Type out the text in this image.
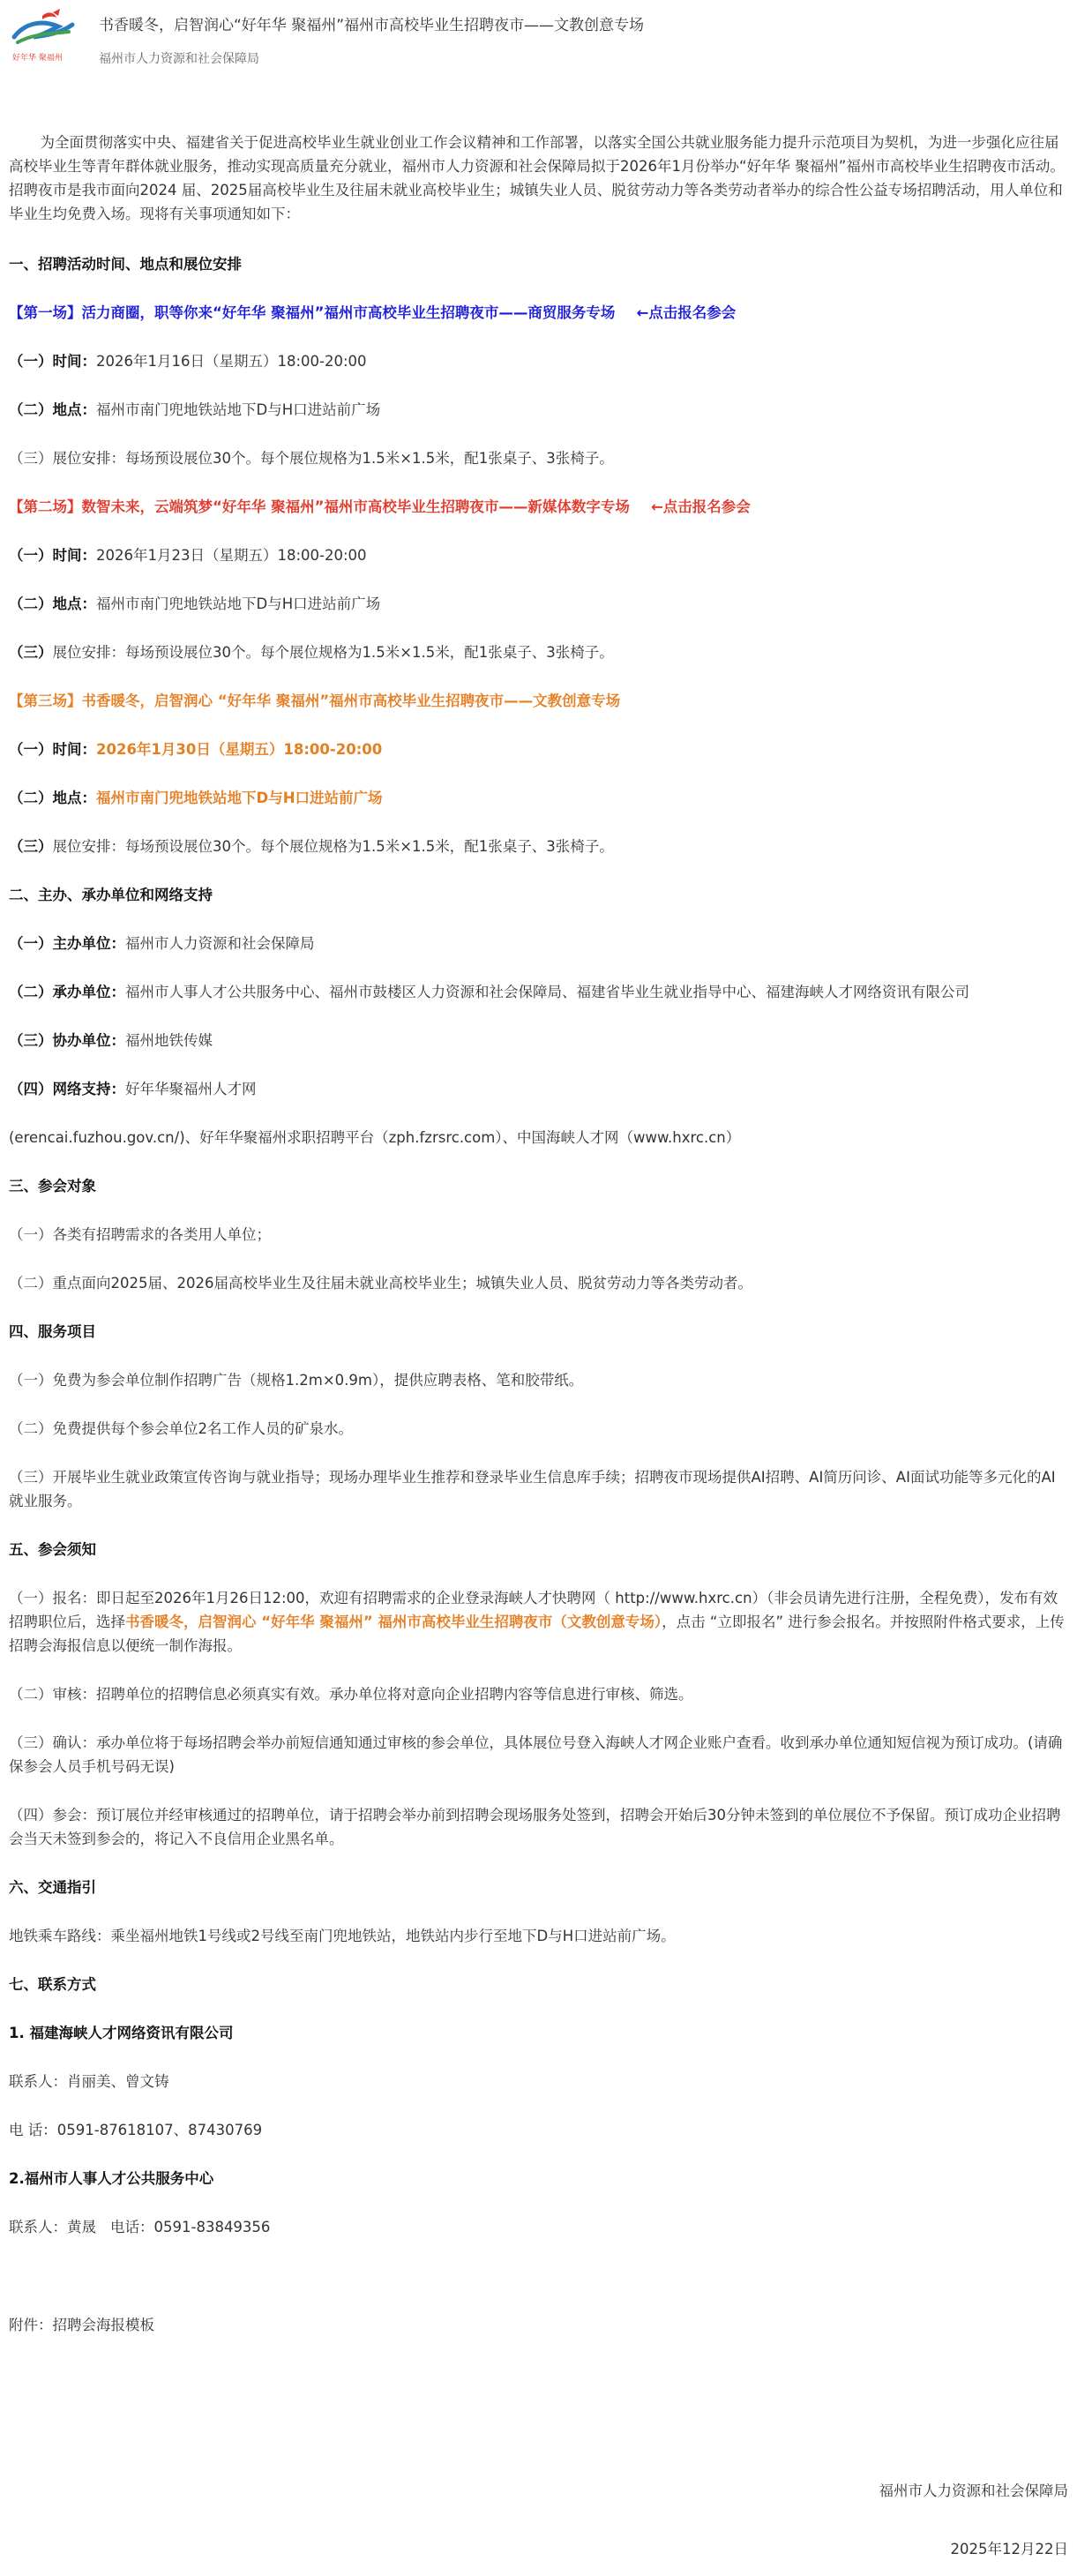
好年华 聚福州
书香暖冬，启智润心“好年华 聚福州”福州市高校毕业生招聘夜市——文教创意专场
福州市人力资源和社会保障局

为全面贯彻落实中央、福建省关于促进高校毕业生就业创业工作会议精神和工作部署，以落实全国公共就业服务能力提升示范项目为契机，为进一步强化应往届高校毕业生等青年群体就业服务，推动实现高质量充分就业，福州市人力资源和社会保障局拟于2026年1月份举办“好年华 聚福州”福州市高校毕业生招聘夜市活动。招聘夜市是我市面向2024 届、2025届高校毕业生及往届未就业高校毕业生；城镇失业人员、脱贫劳动力等各类劳动者举办的综合性公益专场招聘活动，用人单位和毕业生均免费入场。现将有关事项通知如下：

一、招聘活动时间、地点和展位安排
【第一场】活力商圈，职等你来“好年华 聚福州”福州市高校毕业生招聘夜市——商贸服务专场 ←点击报名参会
（一）时间：2026年1月16日（星期五）18:00-20:00
（二）地点：福州市南门兜地铁站地下D与H口进站前广场
（三）展位安排：每场预设展位30个。每个展位规格为1.5米×1.5米，配1张桌子、3张椅子。
【第二场】数智未来，云端筑梦“好年华 聚福州”福州市高校毕业生招聘夜市——新媒体数字专场 ←点击报名参会
（一）时间：2026年1月23日（星期五）18:00-20:00
（二）地点：福州市南门兜地铁站地下D与H口进站前广场
（三）展位安排：每场预设展位30个。每个展位规格为1.5米×1.5米，配1张桌子、3张椅子。
【第三场】书香暖冬，启智润心 “好年华 聚福州”福州市高校毕业生招聘夜市——文教创意专场
（一）时间：2026年1月30日（星期五）18:00-20:00
（二）地点：福州市南门兜地铁站地下D与H口进站前广场
（三）展位安排：每场预设展位30个。每个展位规格为1.5米×1.5米，配1张桌子、3张椅子。
二、主办、承办单位和网络支持
（一）主办单位：福州市人力资源和社会保障局
（二）承办单位：福州市人事人才公共服务中心、福州市鼓楼区人力资源和社会保障局、福建省毕业生就业指导中心、福建海峡人才网络资讯有限公司
（三）协办单位：福州地铁传媒
（四）网络支持：好年华聚福州人才网
(erencai.fuzhou.gov.cn/)、好年华聚福州求职招聘平台（zph.fzrsrc.com）、中国海峡人才网（www.hxrc.cn）
三、参会对象
（一）各类有招聘需求的各类用人单位；
（二）重点面向2025届、2026届高校毕业生及往届未就业高校毕业生；城镇失业人员、脱贫劳动力等各类劳动者。
四、服务项目
（一）免费为参会单位制作招聘广告（规格1.2m×0.9m），提供应聘表格、笔和胶带纸。
（二）免费提供每个参会单位2名工作人员的矿泉水。
（三）开展毕业生就业政策宣传咨询与就业指导；现场办理毕业生推荐和登录毕业生信息库手续；招聘夜市现场提供AI招聘、AI简历问诊、AI面试功能等多元化的AI就业服务。
五、参会须知
（一）报名：即日起至2026年1月26日12:00，欢迎有招聘需求的企业登录海峡人才快聘网（ http://www.hxrc.cn）（非会员请先进行注册，全程免费），发布有效招聘职位后，选择书香暖冬，启智润心 “好年华 聚福州” 福州市高校毕业生招聘夜市（文教创意专场），点击 “立即报名” 进行参会报名。并按照附件格式要求，上传招聘会海报信息以便统一制作海报。
（二）审核：招聘单位的招聘信息必须真实有效。承办单位将对意向企业招聘内容等信息进行审核、筛选。
（三）确认：承办单位将于每场招聘会举办前短信通知通过审核的参会单位，具体展位号登入海峡人才网企业账户查看。收到承办单位通知短信视为预订成功。(请确保参会人员手机号码无误)
（四）参会：预订展位并经审核通过的招聘单位，请于招聘会举办前到招聘会现场服务处签到，招聘会开始后30分钟未签到的单位展位不予保留。预订成功企业招聘会当天未签到参会的，将记入不良信用企业黑名单。
六、交通指引
地铁乘车路线：乘坐福州地铁1号线或2号线至南门兜地铁站，地铁站内步行至地下D与H口进站前广场。
七、联系方式
1. 福建海峡人才网络资讯有限公司
联系人：肖丽美、曾文铸
电 话：0591-87618107、87430769
2.福州市人事人才公共服务中心
联系人：黄晟 电话：0591-83849356
附件：招聘会海报模板
福州市人力资源和社会保障局
2025年12月22日
